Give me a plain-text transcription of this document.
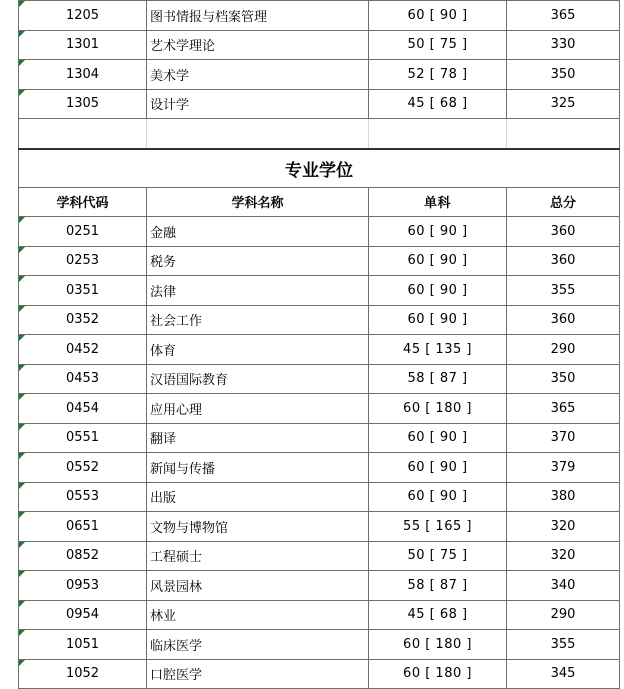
1205	图书情报与档案管理	60 [ 90 ]	365
1301	艺术学理论	50 [ 75 ]	330
1304	美术学	52 [ 78 ]	350
1305	设计学	45 [ 68 ]	325

专业学位			
学科代码	学科名称	单科	总分
0251	金融	60 [ 90 ]	360
0253	税务	60 [ 90 ]	360
0351	法律	60 [ 90 ]	355
0352	社会工作	60 [ 90 ]	360
0452	体育	45 [ 135 ]	290
0453	汉语国际教育	58 [ 87 ]	350
0454	应用心理	60 [ 180 ]	365
0551	翻译	60 [ 90 ]	370
0552	新闻与传播	60 [ 90 ]	379
0553	出版	60 [ 90 ]	380
0651	文物与博物馆	55 [ 165 ]	320
0852	工程硕士	50 [ 75 ]	320
0953	风景园林	58 [ 87 ]	340
0954	林业	45 [ 68 ]	290
1051	临床医学	60 [ 180 ]	355
1052	口腔医学	60 [ 180 ]	345
